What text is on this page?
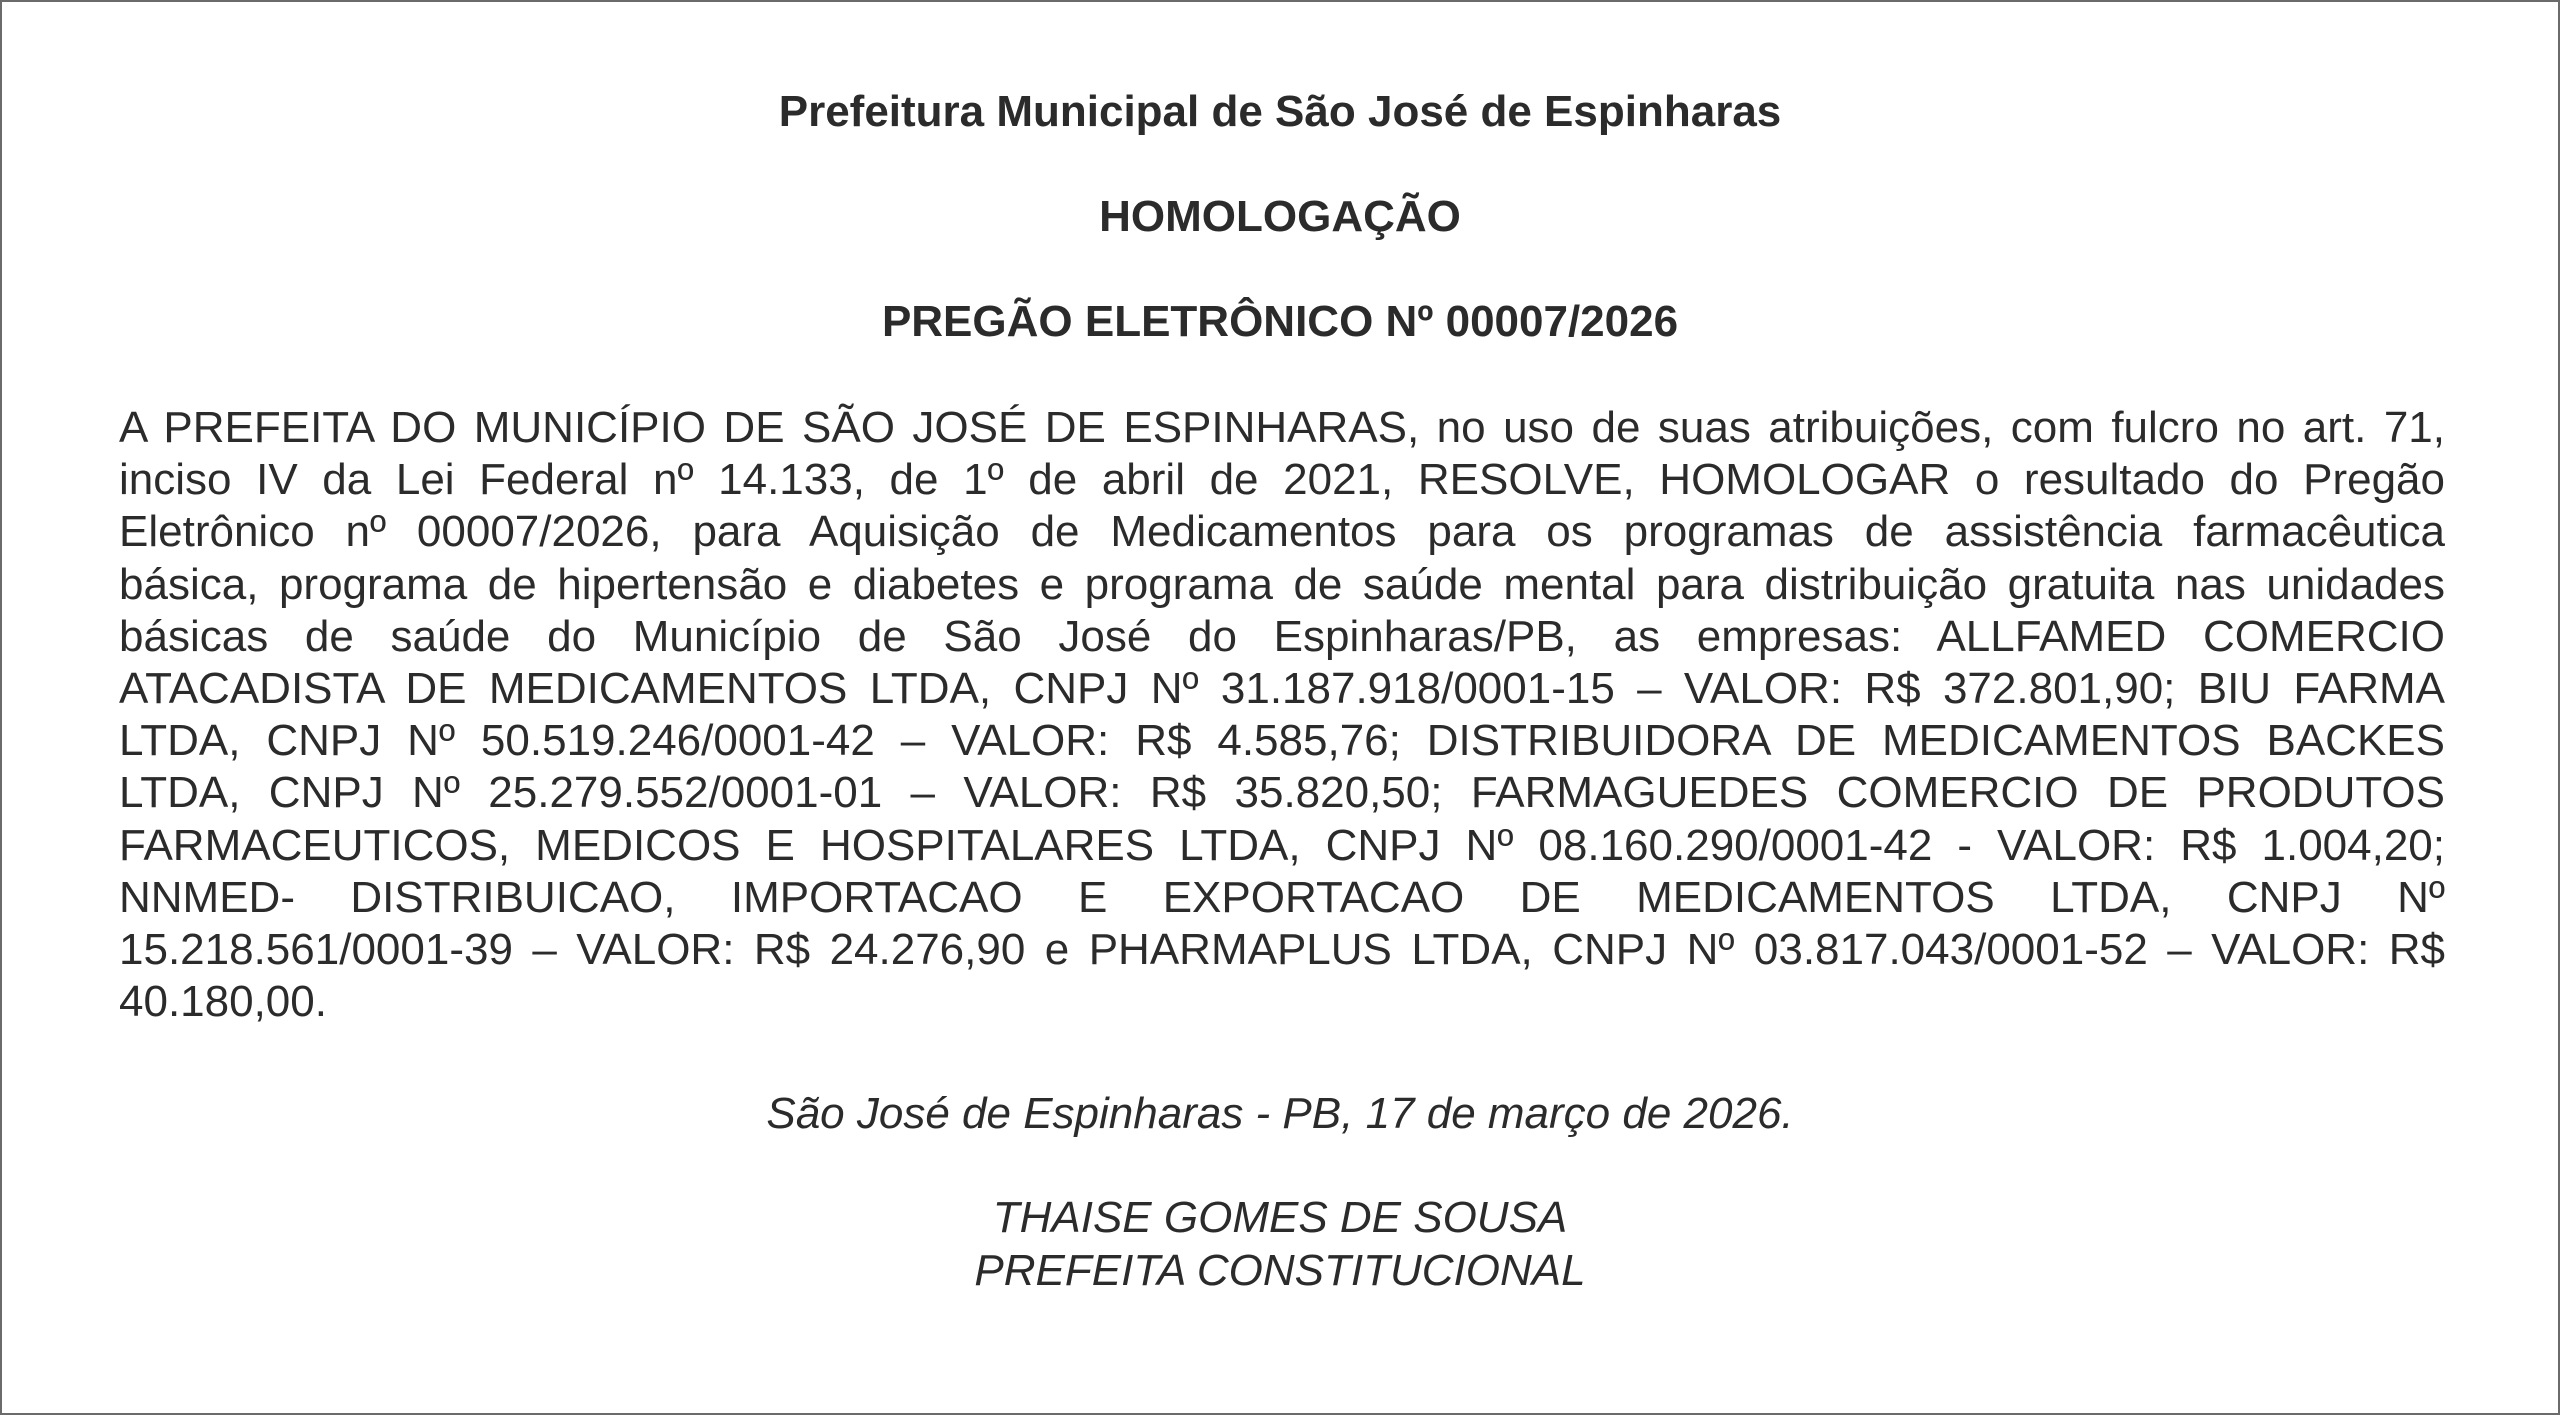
Prefeitura Municipal de São José de Espinharas
HOMOLOGAÇÃO
PREGÃO ELETRÔNICO Nº 00007/2026
A PREFEITA DO MUNICÍPIO DE SÃO JOSÉ DE ESPINHARAS, no uso de suas atribuições, com fulcro no art. 71,
inciso IV da Lei Federal nº 14.133, de 1º de abril de 2021, RESOLVE, HOMOLOGAR o resultado do Pregão
Eletrônico nº 00007/2026, para Aquisição de Medicamentos para os programas de assistência farmacêutica
básica, programa de hipertensão e diabetes e programa de saúde mental para distribuição gratuita nas unidades
básicas de saúde do Município de São José do Espinharas/PB, as empresas: ALLFAMED COMERCIO
ATACADISTA DE MEDICAMENTOS LTDA, CNPJ Nº 31.187.918/0001-15 – VALOR: R$ 372.801,90; BIU FARMA
LTDA, CNPJ Nº 50.519.246/0001-42 – VALOR: R$ 4.585,76; DISTRIBUIDORA DE MEDICAMENTOS BACKES
LTDA, CNPJ Nº 25.279.552/0001-01 – VALOR: R$ 35.820,50; FARMAGUEDES COMERCIO DE PRODUTOS
FARMACEUTICOS, MEDICOS E HOSPITALARES LTDA, CNPJ Nº 08.160.290/0001-42 - VALOR: R$ 1.004,20;
NNMED- DISTRIBUICAO, IMPORTACAO E EXPORTACAO DE MEDICAMENTOS LTDA, CNPJ Nº
15.218.561/0001-39 – VALOR: R$ 24.276,90 e PHARMAPLUS LTDA, CNPJ Nº 03.817.043/0001-52 – VALOR: R$
40.180,00.
São José de Espinharas - PB, 17 de março de 2026.
THAISE GOMES DE SOUSA
PREFEITA CONSTITUCIONAL
